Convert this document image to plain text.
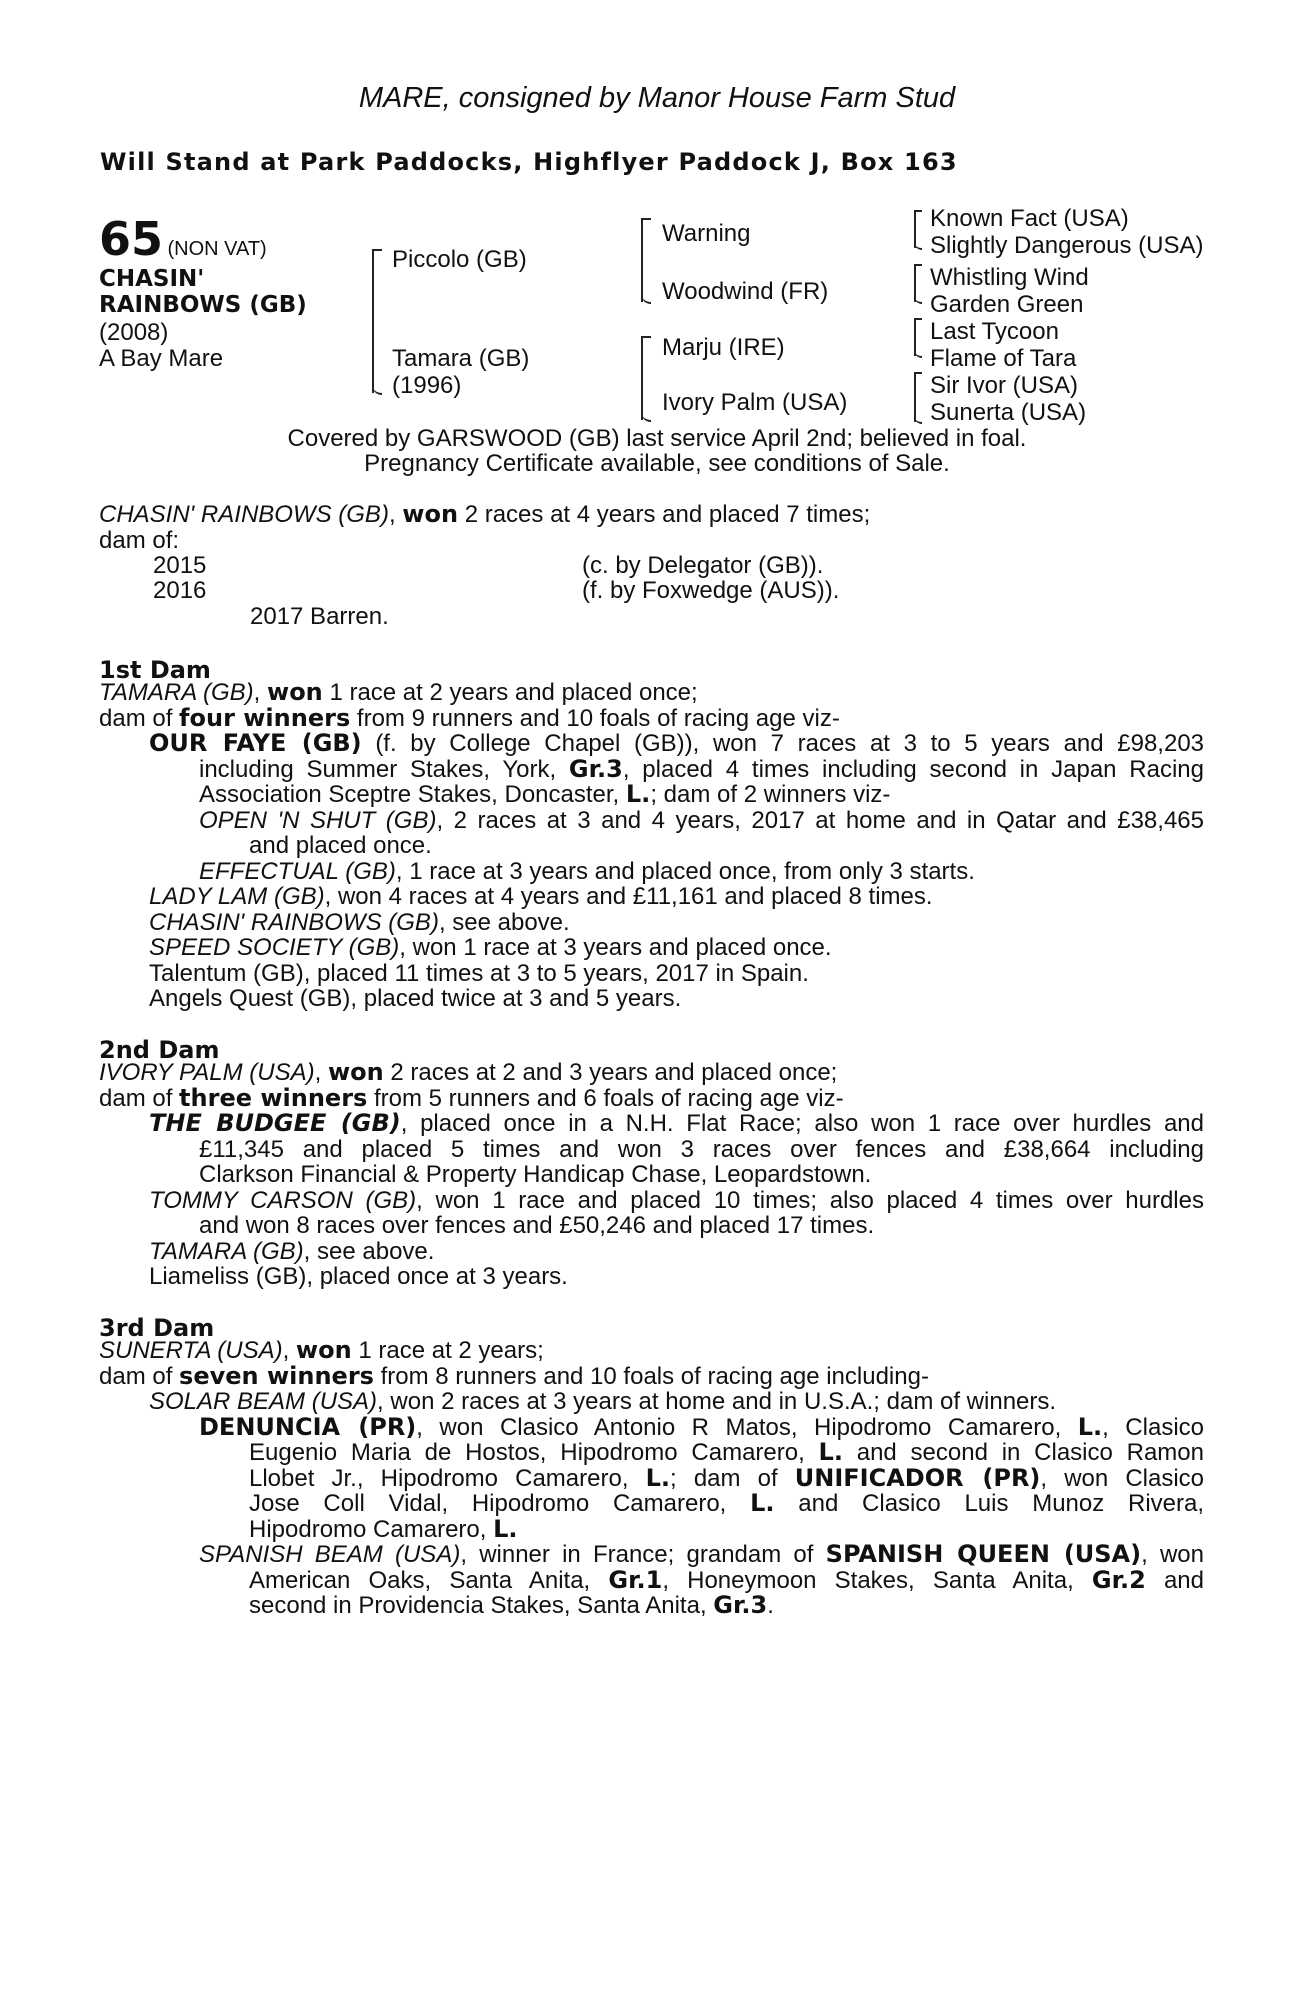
MARE, consigned by Manor House Farm Stud
Will Stand at Park Paddocks, Highflyer Paddock J, Box 163
65 (NON VAT)
CHASIN'
RAINBOWS (GB)
(2008)
A Bay Mare
Piccolo (GB)
Tamara (GB)
(1996)
Warning
Woodwind (FR)
Marju (IRE)
Ivory Palm (USA)
Known Fact (USA)
Slightly Dangerous (USA)
Whistling Wind
Garden Green
Last Tycoon
Flame of Tara
Sir Ivor (USA)
Sunerta (USA)
Covered by GARSWOOD (GB) last service April 2nd; believed in foal.
Pregnancy Certificate available, see conditions of Sale.
CHASIN' RAINBOWS (GB), won 2 races at 4 years and placed 7 times;
dam of:
2015	(c. by Delegator (GB)).
2016	(f. by Foxwedge (AUS)).
2017 Barren.
1st Dam
TAMARA (GB), won 1 race at 2 years and placed once;
dam of four winners from 9 runners and 10 foals of racing age viz-
OUR FAYE (GB) (f. by College Chapel (GB)), won 7 races at 3 to 5 years and £98,203
including Summer Stakes, York, Gr.3, placed 4 times including second in Japan Racing
Association Sceptre Stakes, Doncaster, L.; dam of 2 winners viz-
OPEN 'N SHUT (GB), 2 races at 3 and 4 years, 2017 at home and in Qatar and £38,465
and placed once.
EFFECTUAL (GB), 1 race at 3 years and placed once, from only 3 starts.
LADY LAM (GB), won 4 races at 4 years and £11,161 and placed 8 times.
CHASIN' RAINBOWS (GB), see above.
SPEED SOCIETY (GB), won 1 race at 3 years and placed once.
Talentum (GB), placed 11 times at 3 to 5 years, 2017 in Spain.
Angels Quest (GB), placed twice at 3 and 5 years.
2nd Dam
IVORY PALM (USA), won 2 races at 2 and 3 years and placed once;
dam of three winners from 5 runners and 6 foals of racing age viz-
THE BUDGEE (GB), placed once in a N.H. Flat Race; also won 1 race over hurdles and
£11,345 and placed 5 times and won 3 races over fences and £38,664 including
Clarkson Financial & Property Handicap Chase, Leopardstown.
TOMMY CARSON (GB), won 1 race and placed 10 times; also placed 4 times over hurdles
and won 8 races over fences and £50,246 and placed 17 times.
TAMARA (GB), see above.
Liameliss (GB), placed once at 3 years.
3rd Dam
SUNERTA (USA), won 1 race at 2 years;
dam of seven winners from 8 runners and 10 foals of racing age including-
SOLAR BEAM (USA), won 2 races at 3 years at home and in U.S.A.; dam of winners.
DENUNCIA (PR), won Clasico Antonio R Matos, Hipodromo Camarero, L., Clasico
Eugenio Maria de Hostos, Hipodromo Camarero, L. and second in Clasico Ramon
Llobet Jr., Hipodromo Camarero, L.; dam of UNIFICADOR (PR), won Clasico
Jose Coll Vidal, Hipodromo Camarero, L. and Clasico Luis Munoz Rivera,
Hipodromo Camarero, L.
SPANISH BEAM (USA), winner in France; grandam of SPANISH QUEEN (USA), won
American Oaks, Santa Anita, Gr.1, Honeymoon Stakes, Santa Anita, Gr.2 and
second in Providencia Stakes, Santa Anita, Gr.3.
